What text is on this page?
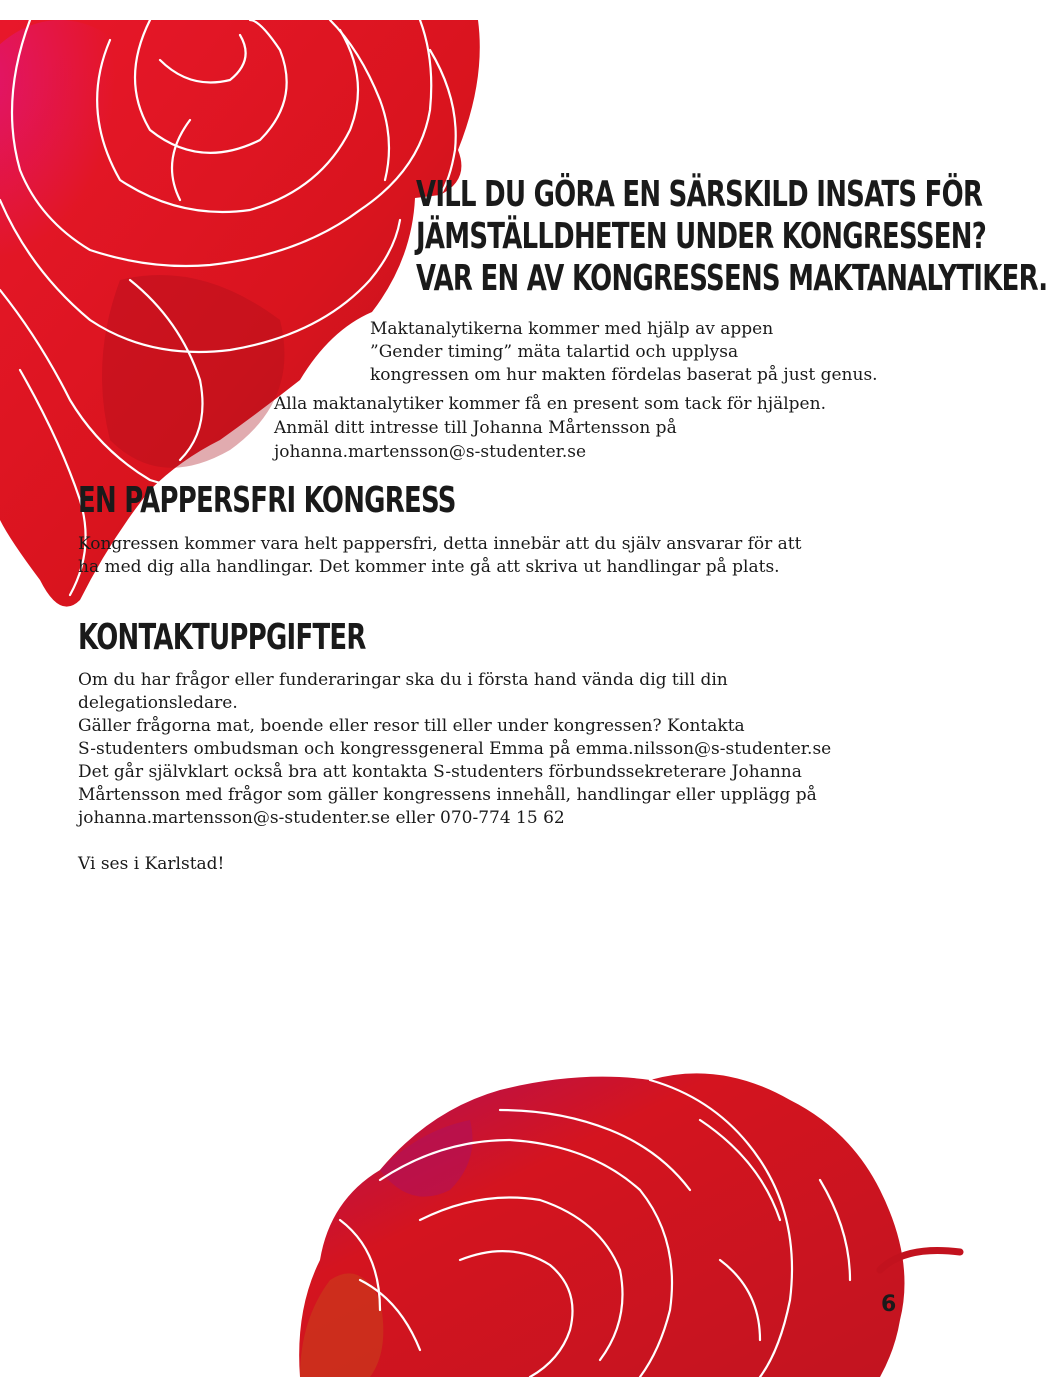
VILL DU GÖRA EN SÄRSKILD INSATS FÖR
JÄMSTÄLLDHETEN UNDER KONGRESSEN?
VAR EN AV KONGRESSENS MAKTANALYTIKER.

Maktanalytikerna kommer med hjälp av appen

”Gender timing” mäta talartid och upplysa

kongressen om hur makten fördelas baserat på just genus.

Alla maktanalytiker kommer få en present som tack för hjälpen.

Anmäl ditt intresse till Johanna Mårtensson på

johanna.martensson@s-studenter.se

EN PAPPERSFRI KONGRESS

Kongressen kommer vara helt pappersfri, detta innebär att du själv ansvarar för att

ha med dig alla handlingar. Det kommer inte gå att skriva ut handlingar på plats.

KONTAKTUPPGIFTER

Om du har frågor eller funderaringar ska du i första hand vända dig till din

delegationsledare.

Gäller frågorna mat, boende eller resor till eller under kongressen? Kontakta

S-studenters ombudsman och kongressgeneral Emma på emma.nilsson@s-studenter.se

Det går självklart också bra att kontakta S-studenters förbundssekreterare Johanna

Mårtensson med frågor som gäller kongressens innehåll, handlingar eller upplägg på

johanna.martensson@s-studenter.se eller 070-774 15 62

Vi ses i Karlstad!

6
